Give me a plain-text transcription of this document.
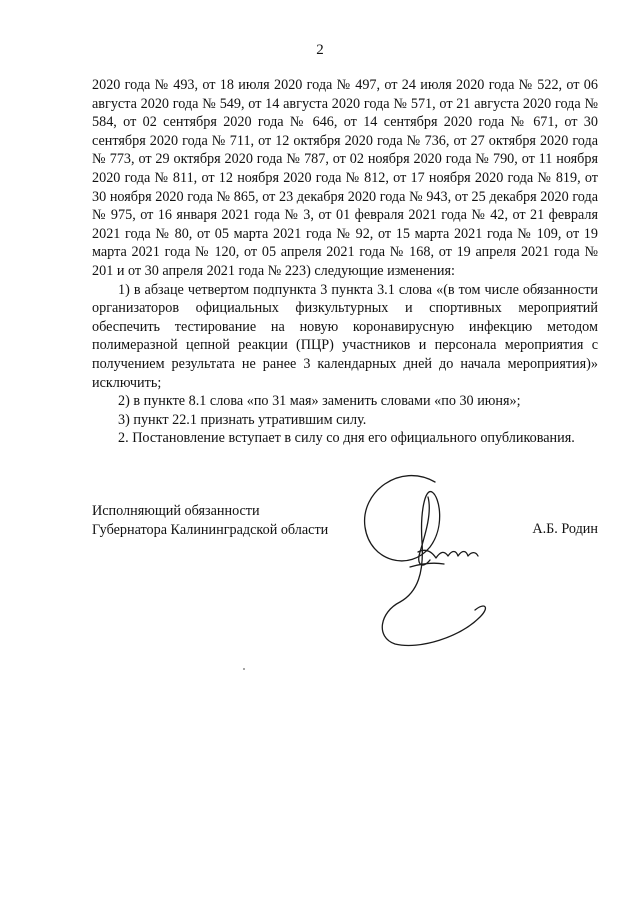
2

2020 года № 493, от 18 июля 2020 года № 497, от 24 июля 2020 года № 522, от 06 августа 2020 года № 549, от 14 августа 2020 года № 571, от 21 августа 2020 года № 584, от 02 сентября 2020 года № 646, от 14 сентября 2020 года № 671, от 30 сентября 2020 года № 711, от 12 октября 2020 года № 736, от 27 октября 2020 года № 773, от 29 октября 2020 года № 787, от 02 ноября 2020 года № 790, от 11 ноября 2020 года № 811, от 12 ноября 2020 года № 812, от 17 ноября 2020 года № 819, от 30 ноября 2020 года № 865, от 23 декабря 2020 года № 943, от 25 декабря 2020 года № 975, от 16 января 2021 года № 3, от 01 февраля 2021 года № 42, от 21 февраля 2021 года № 80, от 05 марта 2021 года № 92, от 15 марта 2021 года № 109, от 19 марта 2021 года № 120, от 05 апреля 2021 года № 168, от 19 апреля 2021 года № 201 и от 30 апреля 2021 года № 223) следующие изменения:

1) в абзаце четвертом подпункта 3 пункта 3.1 слова «(в том числе обязанности организаторов официальных физкультурных и спортивных мероприятий обеспечить тестирование на новую коронавирусную инфекцию методом полимеразной цепной реакции (ПЦР) участников и персонала мероприятия с получением результата не ранее 3 календарных дней до начала мероприятия)» исключить;

2) в пункте 8.1 слова «по 31 мая» заменить словами «по 30 июня»;

3) пункт 22.1 признать утратившим силу.

2. Постановление вступает в силу со дня его официального опубликования.

Исполняющий обязанности
Губернатора Калининградской области	А.Б. Родин
